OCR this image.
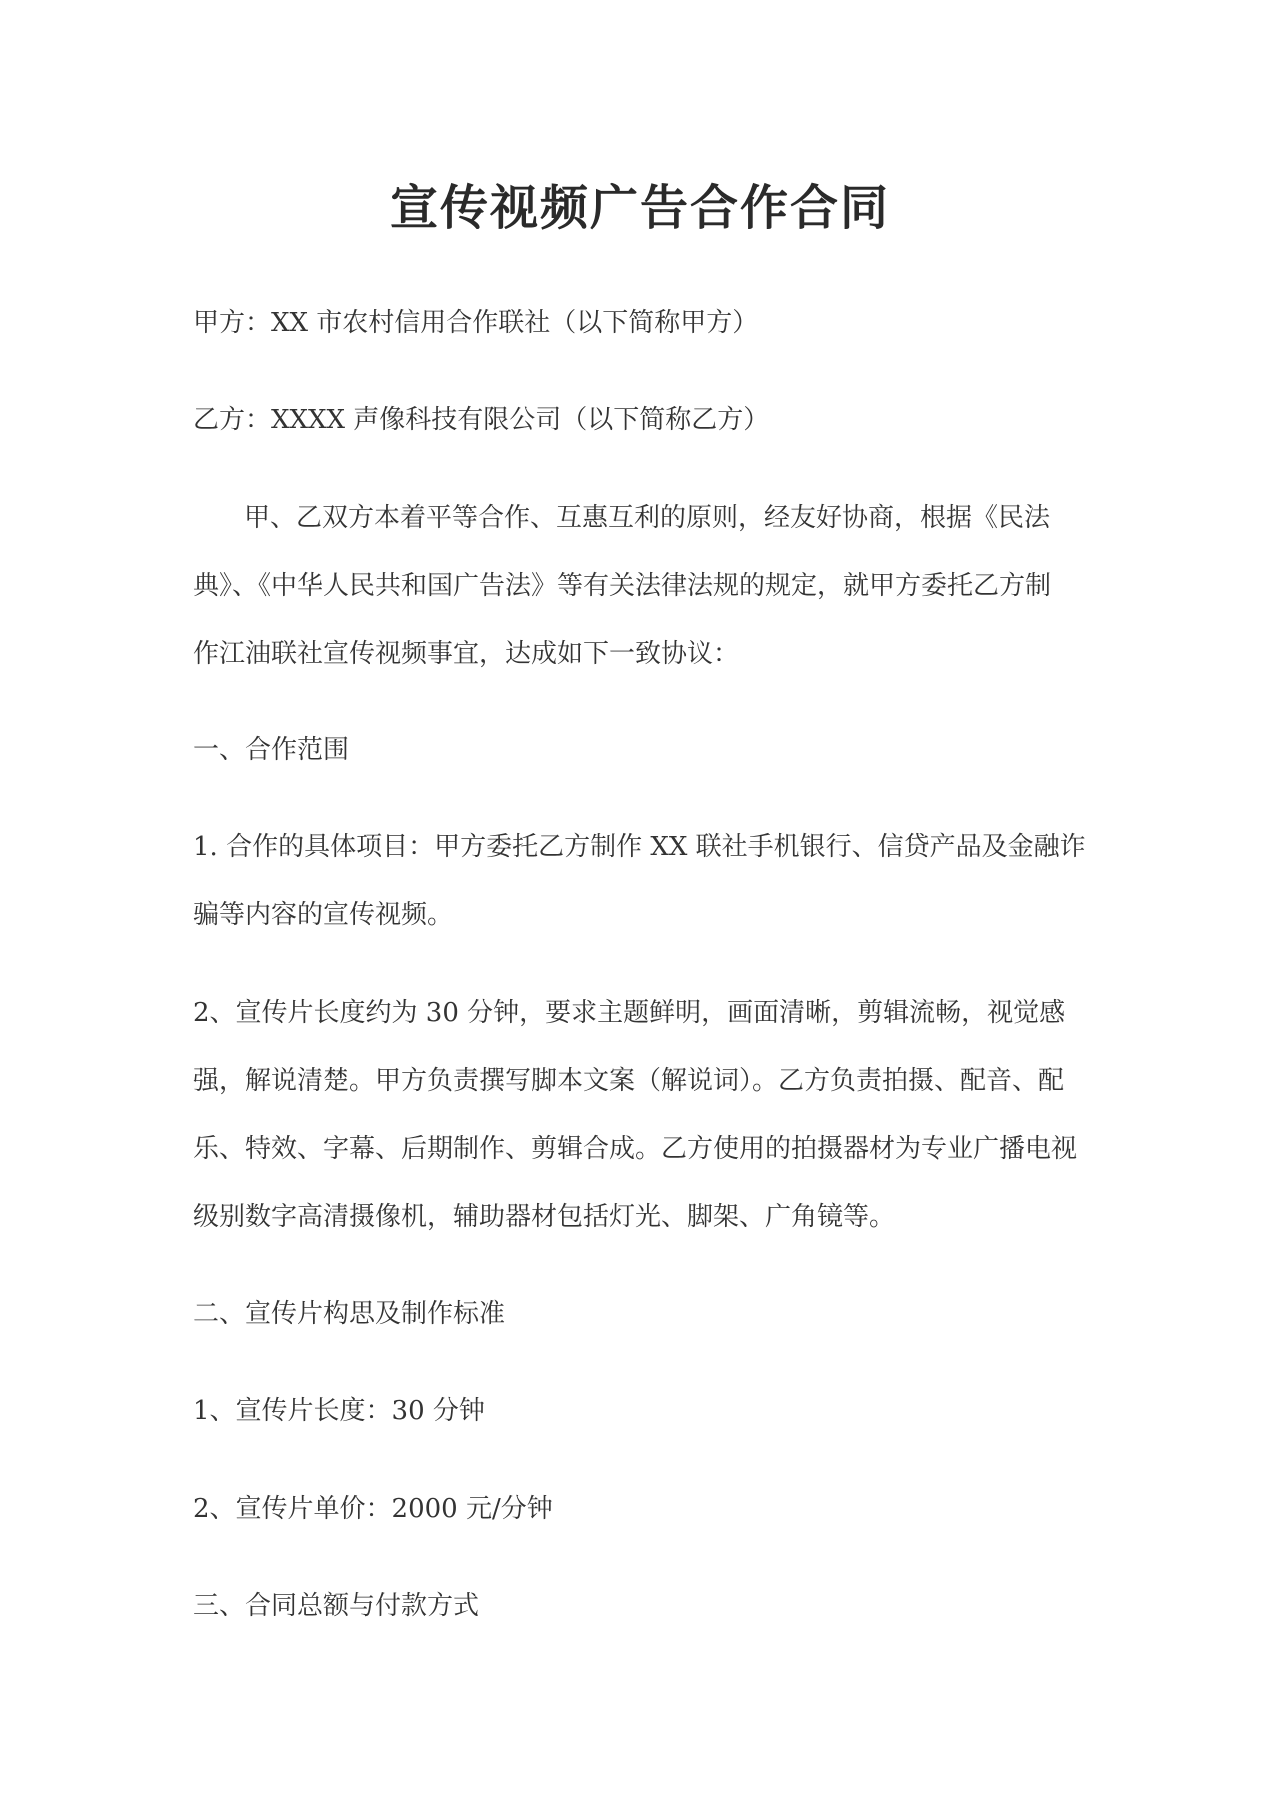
宣传视频广告合作合同
甲方：XX 市农村信用合作联社（以下简称甲方）
乙方：XXXX 声像科技有限公司（以下简称乙方）
甲、乙双方本着平等合作、互惠互利的原则，经友好协商，根据《民法
典》、《中华人民共和国广告法》等有关法律法规的规定，就甲方委托乙方制
作江油联社宣传视频事宜，达成如下一致协议：
一、合作范围
1. 合作的具体项目：甲方委托乙方制作 XX 联社手机银行、信贷产品及金融诈
骗等内容的宣传视频。
2、宣传片长度约为 30 分钟，要求主题鲜明，画面清晰，剪辑流畅，视觉感
强，解说清楚。甲方负责撰写脚本文案（解说词）。乙方负责拍摄、配音、配
乐、特效、字幕、后期制作、剪辑合成。乙方使用的拍摄器材为专业广播电视
级别数字高清摄像机，辅助器材包括灯光、脚架、广角镜等。
二、宣传片构思及制作标准
1、宣传片长度：30 分钟
2、宣传片单价：2000 元/分钟
三、合同总额与付款方式
